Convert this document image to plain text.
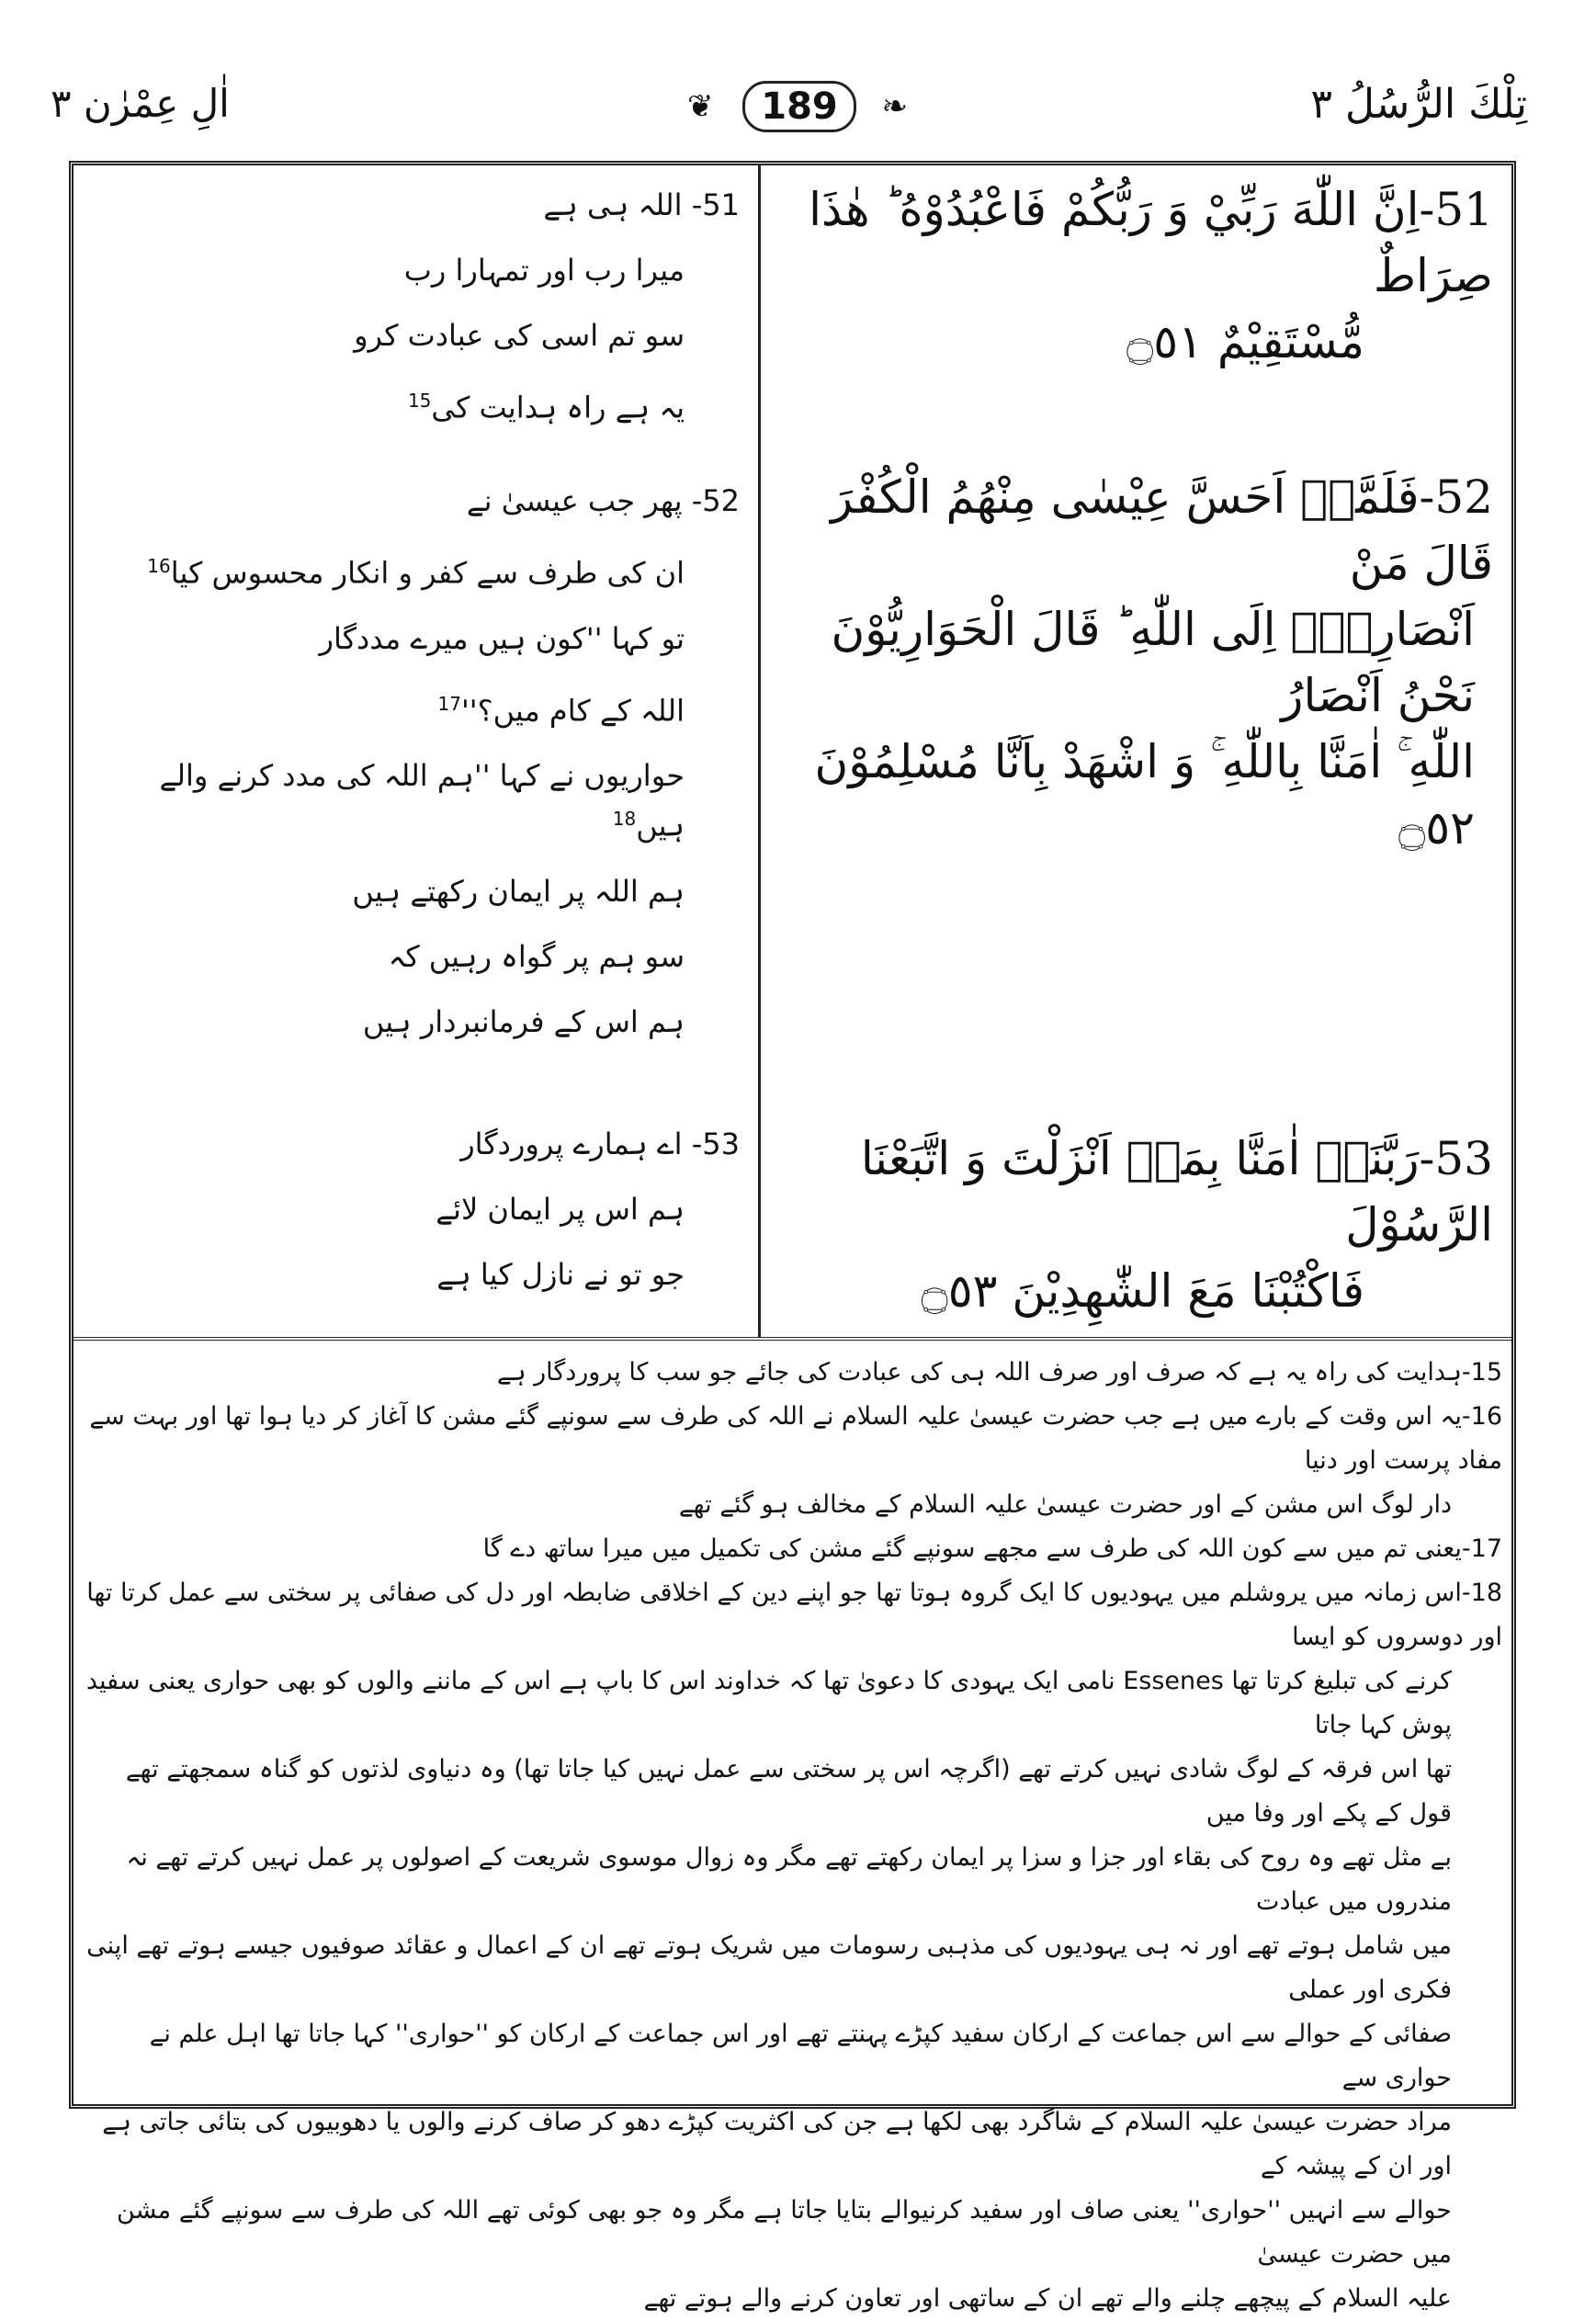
تِلْكَ الرُّسُلُ ٣
❦	189	❧
اٰلِ عِمْرٰن ٣

51-اِنَّ اللّٰهَ رَبِّيْ وَ رَبُّكُمْ فَاعْبُدُوْهُ ؕ هٰذَا صِرَاطٌ

مُّسْتَقِيْمٌ ۝٥١

52-فَلَمَّاۤ اَحَسَّ عِيْسٰى مِنْهُمُ الْكُفْرَ قَالَ مَنْ

اَنْصَارِيْۤ اِلَى اللّٰهِ ؕ قَالَ الْحَوَارِيُّوْنَ نَحْنُ اَنْصَارُ

اللّٰهِ ۚ اٰمَنَّا بِاللّٰهِ ۚ وَ اشْهَدْ بِاَنَّا مُسْلِمُوْنَ ۝٥٢

53-رَبَّنَاۤ اٰمَنَّا بِمَاۤ اَنْزَلْتَ وَ اتَّبَعْنَا الرَّسُوْلَ

فَاكْتُبْنَا مَعَ الشّٰهِدِيْنَ ۝٥٣

51- اللہ ہی ہے

میرا رب اور تمہارا رب

سو تم اسی کی عبادت کرو

یہ ہے راہ ہدایت کی$^{15}$

52- پھر جب عیسیٰ نے

ان کی طرف سے کفر و انکار محسوس کیا$^{16}$

تو کہا ''کون ہیں میرے مددگار

اللہ کے کام $میں؟''^{17}$

حواریوں نے کہا ''ہم اللہ کی مدد کرنے والے ہیں$^{18}$

ہم اللہ پر ایمان رکھتے ہیں

سو ہم پر گواہ رہیں کہ

ہم اس کے فرمانبردار ہیں

53- اے ہمارے پروردگار

ہم اس پر ایمان لائے

جو تو نے نازل کیا ہے

15-ہدایت کی راہ یہ ہے کہ صرف اور صرف اللہ ہی کی عبادت کی جائے جو سب کا پروردگار ہے

16-یہ اس وقت کے بارے میں ہے جب حضرت عیسیٰ علیہ السلام نے اللہ کی طرف سے سونپے گئے مشن کا آغاز کر دیا ہوا تھا اور بہت سے مفاد پرست اور دنیا

دار لوگ اس مشن کے اور حضرت عیسیٰ علیہ السلام کے مخالف ہو گئے تھے

17-یعنی تم میں سے کون اللہ کی طرف سے مجھے سونپے گئے مشن کی تکمیل میں میرا ساتھ دے گا

18-اس زمانہ میں یروشلم میں یہودیوں کا ایک گروہ ہوتا تھا جو اپنے دین کے اخلاقی ضابطہ اور دل کی صفائی پر سختی سے عمل کرتا تھا اور دوسروں کو ایسا

کرنے کی تبلیغ کرتا تھا Essenes نامی ایک یہودی کا دعویٰ تھا کہ خداوند اس کا باپ ہے اس کے ماننے والوں کو بھی حواری یعنی سفید پوش کہا جاتا

تھا اس فرقہ کے لوگ شادی نہیں کرتے تھے (اگرچہ اس پر سختی سے عمل نہیں کیا جاتا تھا) وہ دنیاوی لذتوں کو گناہ سمجھتے تھے قول کے پکے اور وفا میں

بے مثل تھے وہ روح کی بقاء اور جزا و سزا پر ایمان رکھتے تھے مگر وہ زوال موسوی شریعت کے اصولوں پر عمل نہیں کرتے تھے نہ مندروں میں عبادت

میں شامل ہوتے تھے اور نہ ہی یہودیوں کی مذہبی رسومات میں شریک ہوتے تھے ان کے اعمال و عقائد صوفیوں جیسے ہوتے تھے اپنی فکری اور عملی

صفائی کے حوالے سے اس جماعت کے ارکان سفید کپڑے پہنتے تھے اور اس جماعت کے ارکان کو ''حواری'' کہا جاتا تھا اہل علم نے حواری سے

مراد حضرت عیسیٰ علیہ السلام کے شاگرد بھی لکھا ہے جن کی اکثریت کپڑے دھو کر صاف کرنے والوں یا دھوبیوں کی بتائی جاتی ہے اور ان کے پیشہ کے

حوالے سے انہیں ''حواری'' یعنی صاف اور سفید کرنیوالے بتایا جاتا ہے مگر وہ جو بھی کوئی تھے اللہ کی طرف سے سونپے گئے مشن میں حضرت عیسیٰ

علیہ السلام کے پیچھے چلنے والے تھے ان کے ساتھی اور تعاون کرنے والے ہوتے تھے
